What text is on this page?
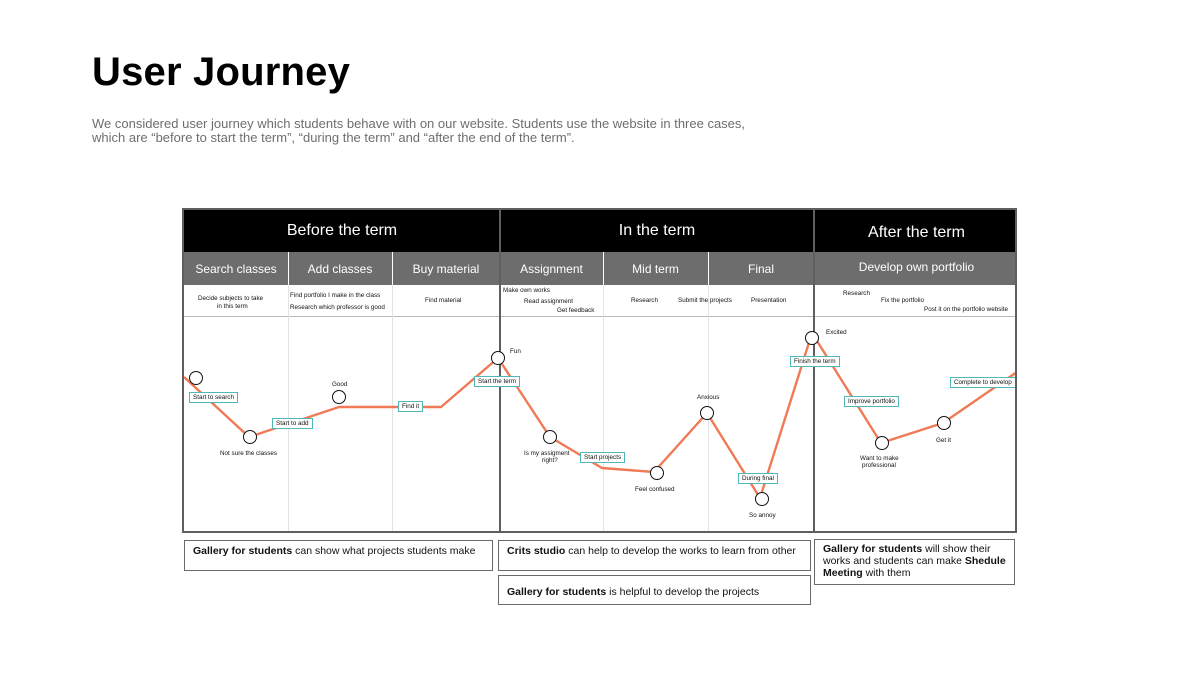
User Journey
We considered user journey which students behave with on our website. Students use the website in three cases, which are “before to start the term”, “during the term” and “after the end of the term”.
Before the term	In the term	After the term
Search classes	Add classes	Buy material	Assignment	Mid term	Final	Develop own portfolio
Decide subjects to take
in this term
Find portfolio I make in the class
Research which professor is good
Find material
Make own works
Read assignment
Get feedback
Research	Submit the projects	Presentation
Research
Fix the portfolio
Post it on the portfolio website
Not sure the classes
Good
Fun
Is my assigment
right?
Feel confused
Anxious
So annoy
Excited
Want to make
professional
Get it
Start to search
Start to add
Find it
Start the term
Start projects
During final
Finish the term
Improve portfolio
Complete to develop
Gallery for students can show what projects students make	Crits studio can help to develop the works to learn from other
Gallery for students is helpful to develop the projects
Gallery for students will show their works and students can make Shedule Meeting with them
